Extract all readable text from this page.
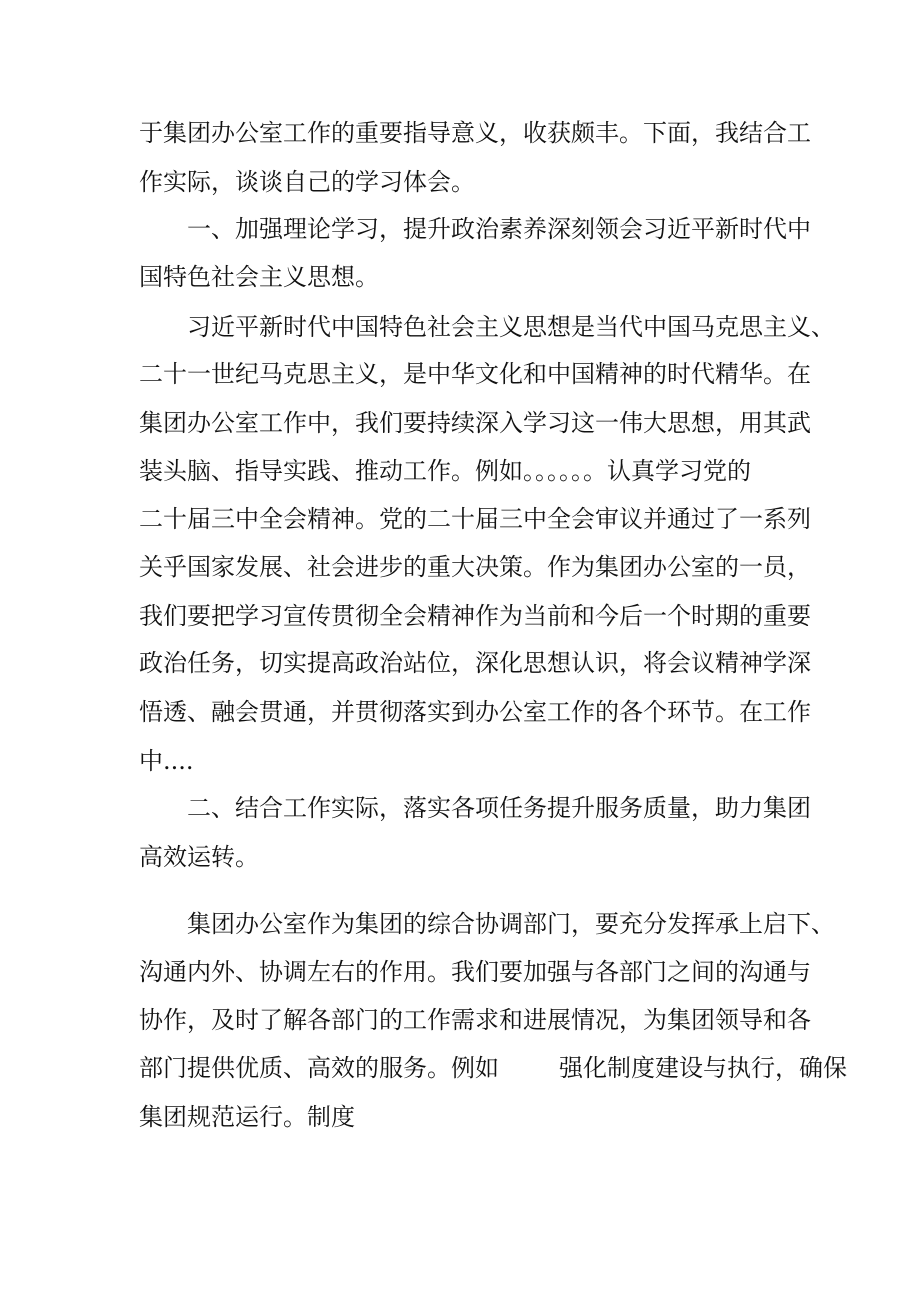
于集团办公室工作的重要指导意义，收获颇丰。下面，我结合工

作实际，谈谈自己的学习体会。

一、加强理论学习，提升政治素养深刻领会习近平新时代中

国特色社会主义思想。

习近平新时代中国特色社会主义思想是当代中国马克思主义、

二十一世纪马克思主义，是中华文化和中国精神的时代精华。在

集团办公室工作中，我们要持续深入学习这一伟大思想，用其武

装头脑、指导实践、推动工作。例如。。。。。。认真学习党的

二十届三中全会精神。党的二十届三中全会审议并通过了一系列

关乎国家发展、社会进步的重大决策。作为集团办公室的一员，

我们要把学习宣传贯彻全会精神作为当前和今后一个时期的重要

政治任务，切实提高政治站位，深化思想认识，将会议精神学深

悟透、融会贯通，并贯彻落实到办公室工作的各个环节。在工作

中....

二、结合工作实际，落实各项任务提升服务质量，助力集团

高效运转。

集团办公室作为集团的综合协调部门，要充分发挥承上启下、

沟通内外、协调左右的作用。我们要加强与各部门之间的沟通与

协作，及时了解各部门的工作需求和进展情况，为集团领导和各

部门提供优质、高效的服务。例如	强化制度建设与执行，确保

集团规范运行。制度
